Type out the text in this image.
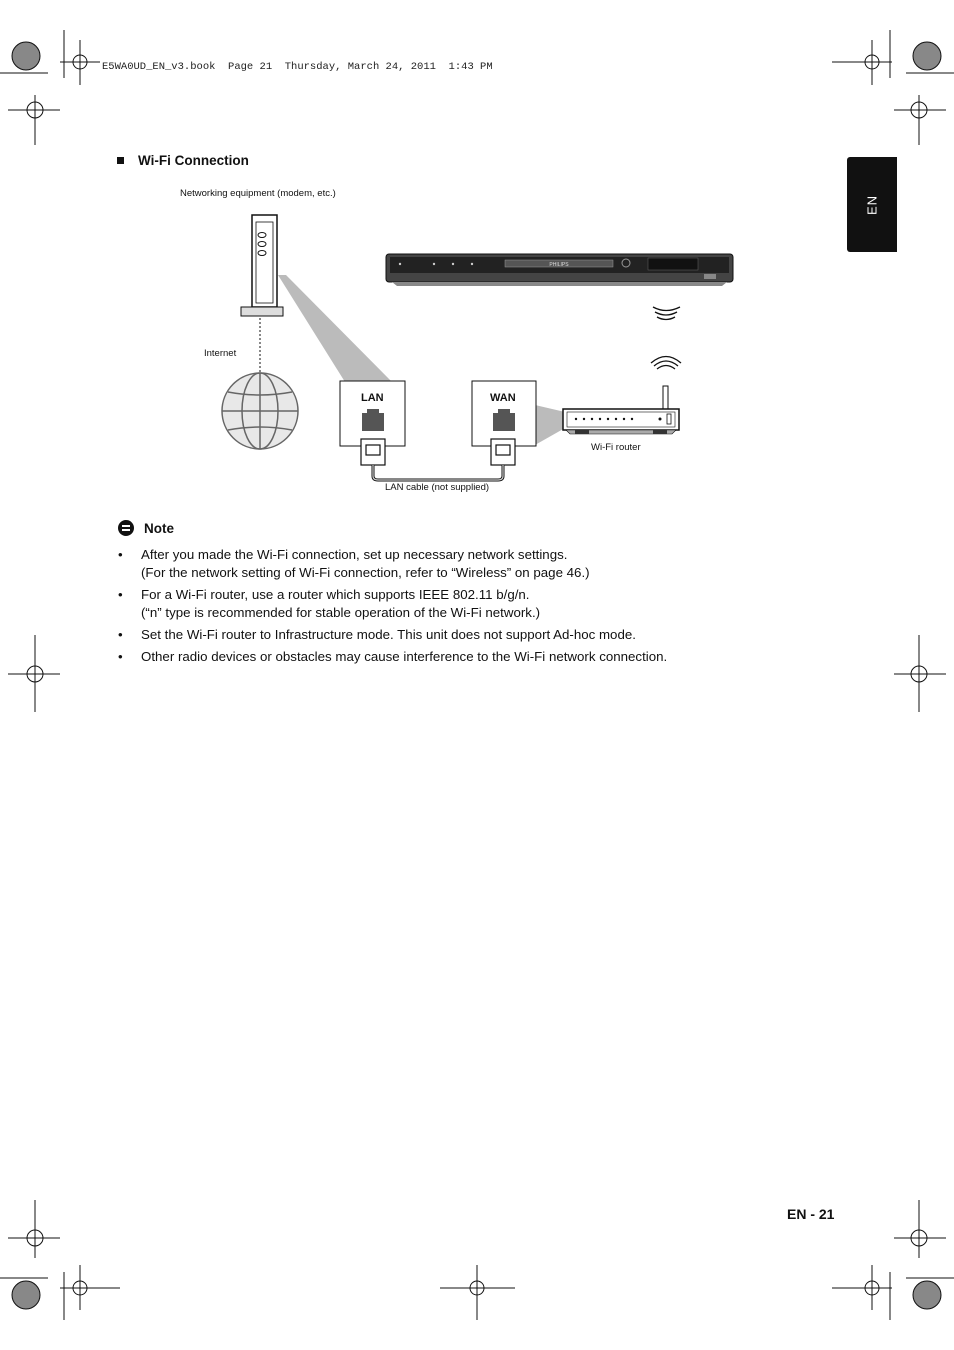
E5WA0UD_EN_v3.book  Page 21  Thursday, March 24, 2011  1:43 PM
EN
Wi-Fi Connection
PHILIPS
Networking equipment (modem, etc.)
Internet
LAN	WAN
LAN cable (not supplied)
Wi-Fi router
Note
• After you made the Wi-Fi connection, set up necessary network settings.
(For the network setting of Wi-Fi connection, refer to “Wireless” on page 46.)
• For a Wi-Fi router, use a router which supports IEEE 802.11 b/g/n.
(“n” type is recommended for stable operation of the Wi-Fi network.)
• Set the Wi-Fi router to Infrastructure mode. This unit does not support Ad-hoc mode.
• Other radio devices or obstacles may cause interference to the Wi-Fi network connection.
EN - 21
